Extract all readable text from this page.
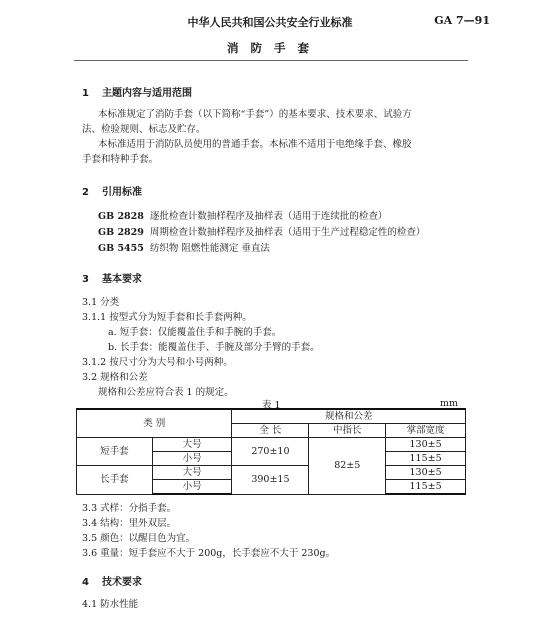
中华人民共和国公共安全行业标准	GA 7—91
消 防 手 套
1 主题内容与适用范围
本标准规定了消防手套（以下简称“手套”）的基本要求、技术要求、试验方
法、检验规则、标志及贮存。
本标准适用于消防队员使用的普通手套。本标准不适用于电绝缘手套、橡胶
手套和特种手套。
2 引用标准
GB 2828 逐批检查计数抽样程序及抽样表（适用于连续批的检查）
GB 2829 周期检查计数抽样程序及抽样表（适用于生产过程稳定性的检查）
GB 5455 纺织物 阻燃性能测定 垂直法
3 基本要求
3.1 分类
3.1.1 按型式分为短手套和长手套两种。
a. 短手套：仅能覆盖住手和手腕的手套。
b. 长手套：能覆盖住手、手腕及部分手臂的手套。
3.1.2 按尺寸分为大号和小号两种。
3.2 规格和公差
规格和公差应符合表 1 的规定。
表 1	mm
类 别		规格和公差		
		全 长	中指长	掌部宽度
短手套	大号	270±10	82±5	130±5
	小号			115±5
长手套	大号	390±15		130±5
	小号			115±5
3.3 式样：分指手套。
3.4 结构：里外双层。
3.5 颜色：以醒目色为宜。
3.6 重量：短手套应不大于 200g，长手套应不大于 230g。
4 技术要求
4.1 防水性能
